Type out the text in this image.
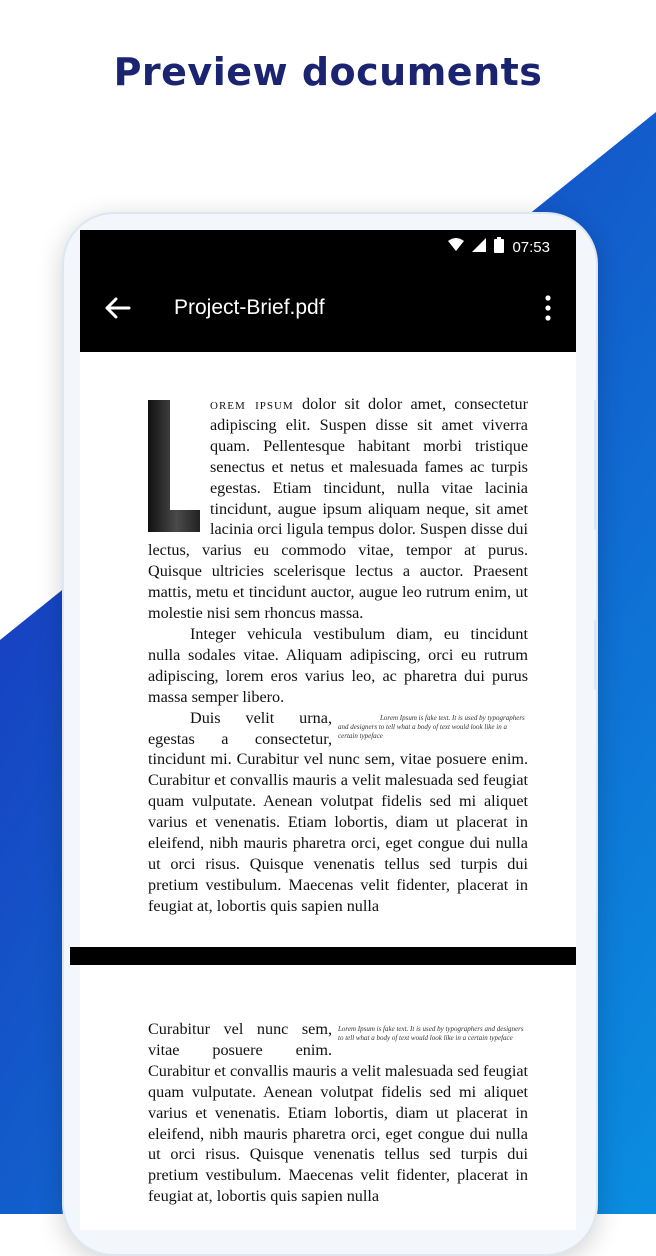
Preview documents
07:53
Project-Brief.pdf

orem ipsum dolor sit dolor amet, consectetur adipiscing elit. Suspen disse sit amet viverra quam. Pellentesque habitant morbi tristique senectus et netus et malesuada fames ac turpis egestas. Etiam tincidunt, nulla vitae lacinia tincidunt, augue ipsum aliquam neque, sit amet lacinia orci ligula tempus dolor. Suspen disse dui lectus, varius eu commodo vitae, tempor at purus. Quisque ultricies scelerisque lectus a auctor. Praesent mattis, metu et tincidunt auctor, augue leo rutrum enim, ut molestie nisi sem rhoncus massa.

Integer vehicula vestibulum diam, eu tincidunt nulla sodales vitae. Aliquam adipiscing, orci eu rutrum adipiscing, lorem eros varius leo, ac pharetra dui purus massa semper libero.

Lorem Ipsum is fake text. It is used by typographers and designers to tell what a body of text would look like in a certain typeface
Duis velit urna, egestas a consectetur, tincidunt mi. Curabitur vel nunc sem, vitae posuere enim. Curabitur et convallis mauris a velit malesuada sed feugiat quam vulputate. Aenean volutpat fidelis sed mi aliquet varius et venenatis. Etiam lobortis, diam ut placerat in eleifend, nibh mauris pharetra orci, eget congue dui nulla ut orci risus. Quisque venenatis tellus sed turpis dui pretium vestibulum. Maecenas velit fidenter, placerat in feugiat at, lobortis quis sapien nulla

Lorem Ipsum is fake text. It is used by typographers and designers to tell what a body of text would look like in a certain typeface
Curabitur vel nunc sem, vitae posuere enim. Curabitur et convallis mauris a velit malesuada sed feugiat quam vulputate. Aenean volutpat fidelis sed mi aliquet varius et venenatis. Etiam lobortis, diam ut placerat in eleifend, nibh mauris pharetra orci, eget congue dui nulla ut orci risus. Quisque venenatis tellus sed turpis dui pretium vestibulum. Maecenas velit fidenter, placerat in feugiat at, lobortis quis sapien nulla
